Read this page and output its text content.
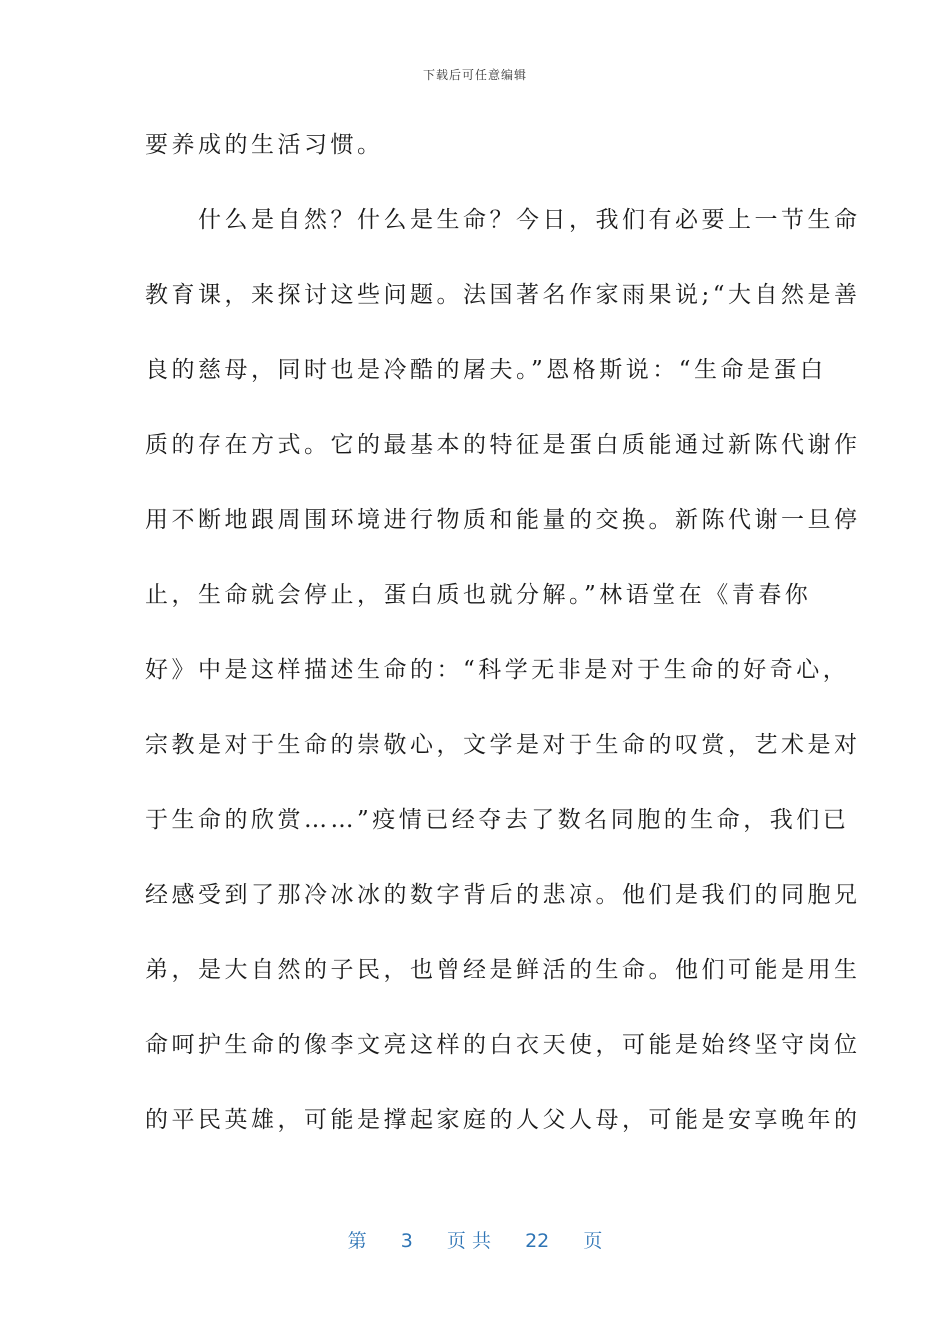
下载后可任意编辑
要养成的生活习惯。
　　什么是自然？什么是生命？今日，我们有必要上一节生命
教育课，来探讨这些问题。法国著名作家雨果说;“大自然是善
良的慈母，同时也是冷酷的屠夫。”恩格斯说：“生命是蛋白
质的存在方式。它的最基本的特征是蛋白质能通过新陈代谢作
用不断地跟周围环境进行物质和能量的交换。新陈代谢一旦停
止，生命就会停止，蛋白质也就分解。”林语堂在《青春你
好》中是这样描述生命的：“科学无非是对于生命的好奇心，
宗教是对于生命的崇敬心，文学是对于生命的叹赏，艺术是对
于生命的欣赏……”疫情已经夺去了数名同胞的生命，我们已
经感受到了那冷冰冰的数字背后的悲凉。他们是我们的同胞兄
弟，是大自然的子民，也曾经是鲜活的生命。他们可能是用生
命呵护生命的像李文亮这样的白衣天使，可能是始终坚守岗位
的平民英雄，可能是撑起家庭的人父人母，可能是安享晚年的
第 3 页 共 22 页
